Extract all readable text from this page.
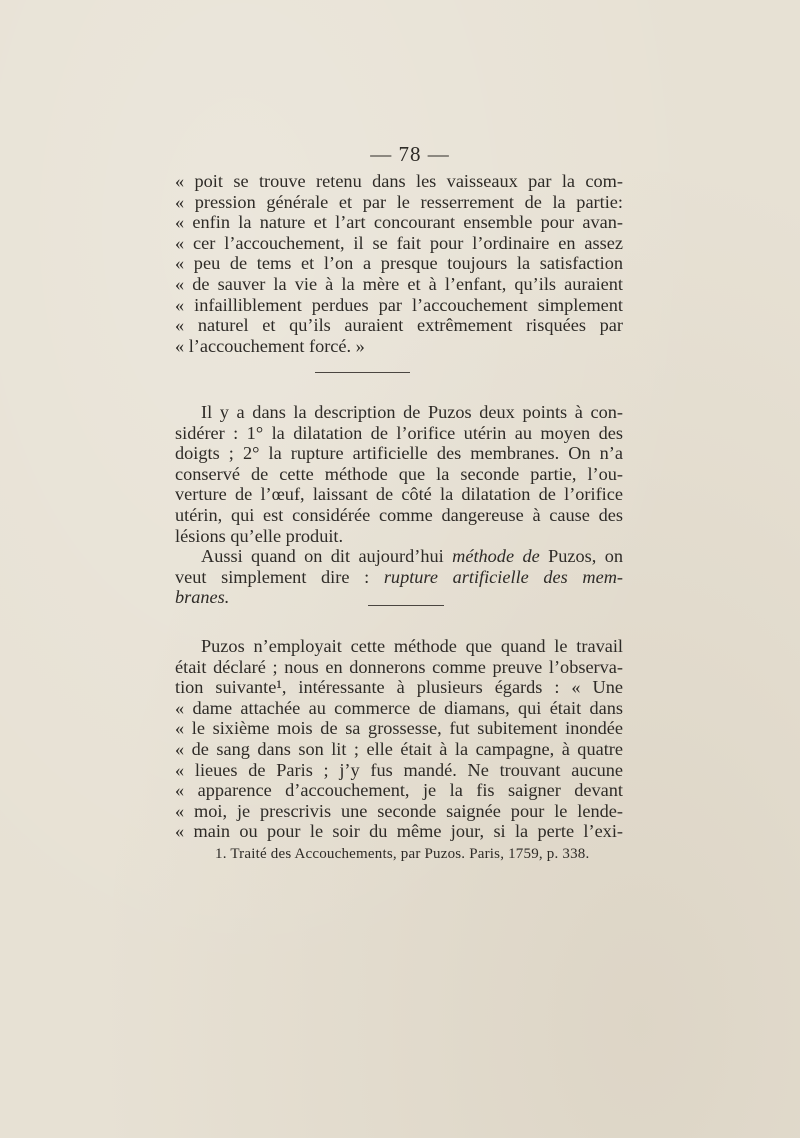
— 78 —
« poit se trouve retenu dans les vaisseaux par la com-
« pression générale et par le resserrement de la partie:
« enfin la nature et l’art concourant ensemble pour avan-
« cer l’accouchement, il se fait pour l’ordinaire en assez
« peu de tems et l’on a presque toujours la satisfaction
« de sauver la vie à la mère et à l’enfant, qu’ils auraient
« infailliblement perdues par l’accouchement simplement
« naturel et qu’ils auraient extrêmement risquées par
« l’accouchement forcé. »
Il y a dans la description de Puzos deux points à con-
sidérer : 1° la dilatation de l’orifice utérin au moyen des
doigts ; 2° la rupture artificielle des membranes. On n’a
conservé de cette méthode que la seconde partie, l’ou-
verture de l’œuf, laissant de côté la dilatation de l’orifice
utérin, qui est considérée comme dangereuse à cause des
lésions qu’elle produit.
Aussi quand on dit aujourd’hui méthode de Puzos, on
veut simplement dire : rupture artificielle des mem-
branes.
Puzos n’employait cette méthode que quand le travail
était déclaré ; nous en donnerons comme preuve l’observa-
tion suivante¹, intéressante à plusieurs égards : « Une
« dame attachée au commerce de diamans, qui était dans
« le sixième mois de sa grossesse, fut subitement inondée
« de sang dans son lit ; elle était à la campagne, à quatre
« lieues de Paris ; j’y fus mandé. Ne trouvant aucune
« apparence d’accouchement, je la fis saigner devant
« moi, je prescrivis une seconde saignée pour le lende-
« main ou pour le soir du même jour, si la perte l’exi-
1. Traité des Accouchements, par Puzos. Paris, 1759, p. 338.
